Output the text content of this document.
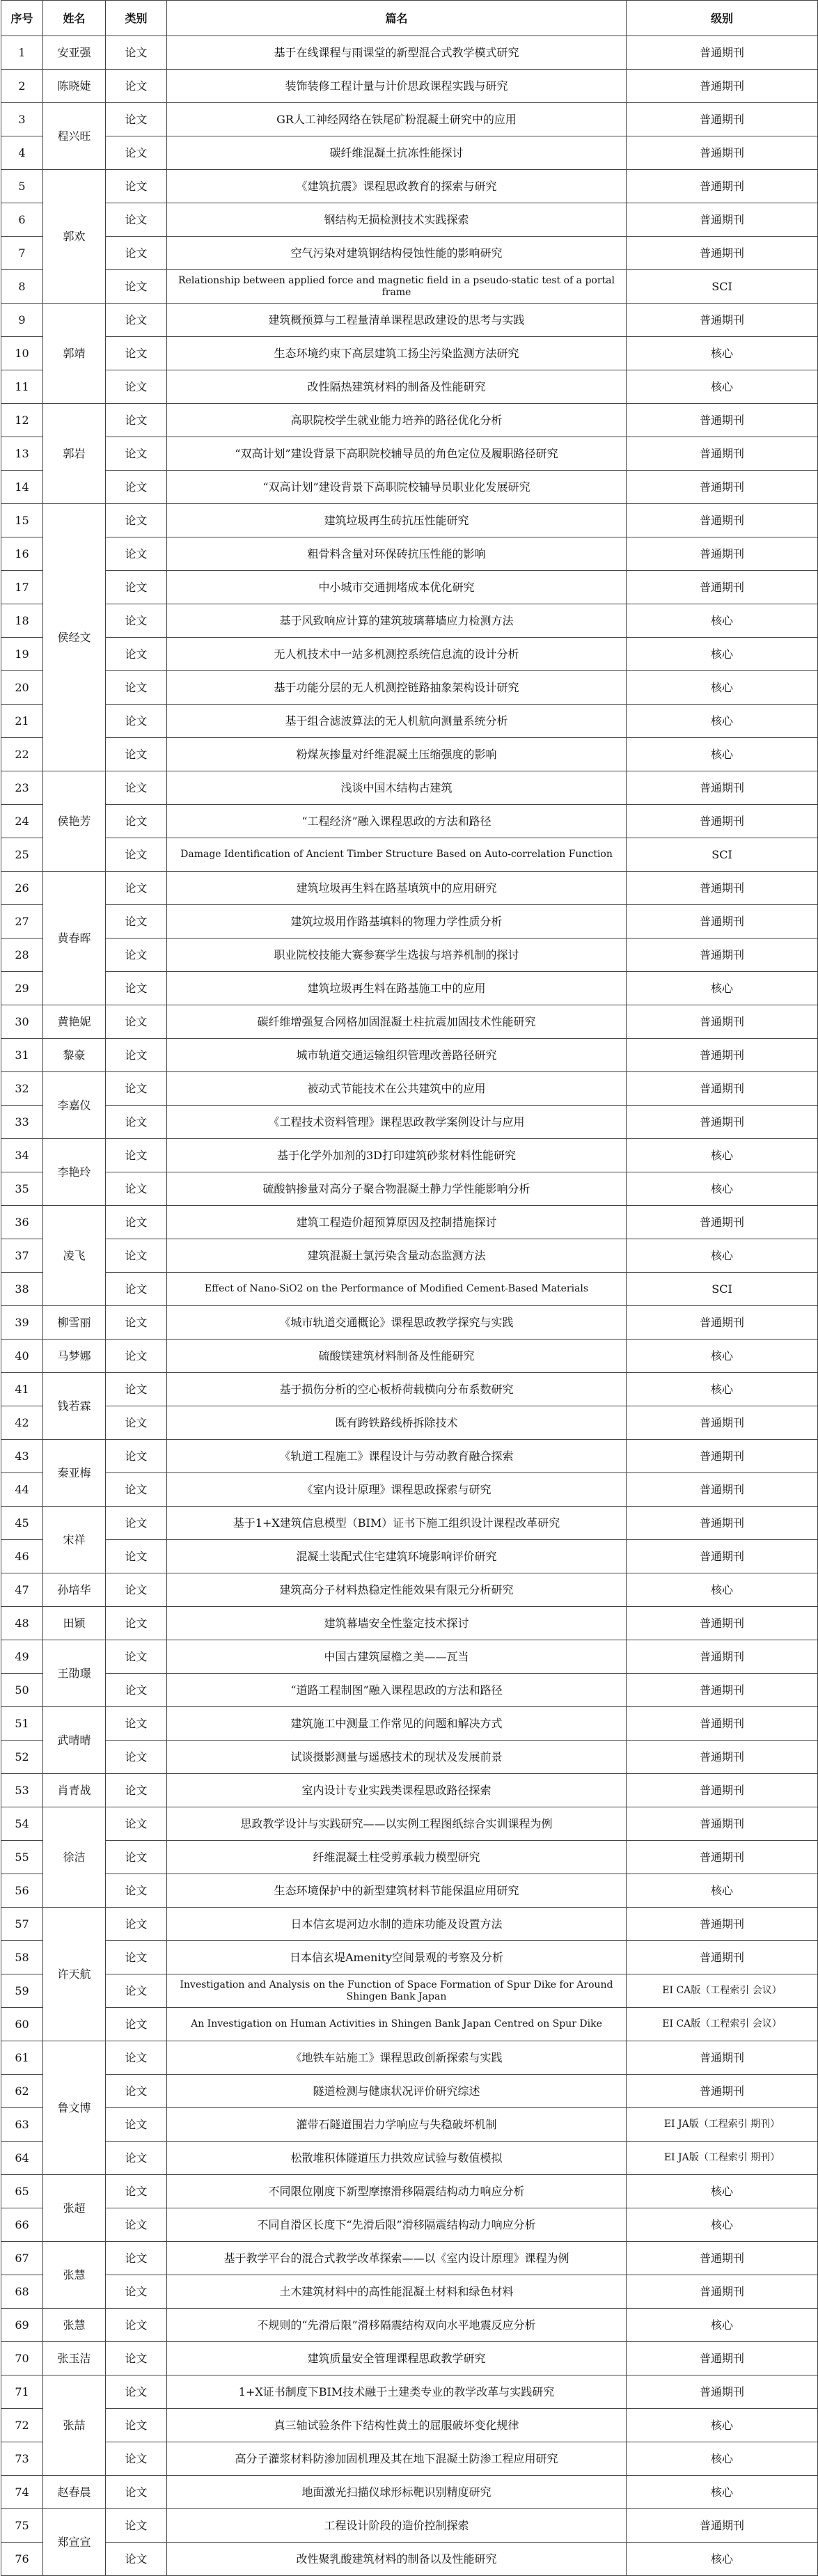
序号	姓名	类别	篇名	级别
1	安亚强	论文	基于在线课程与雨课堂的新型混合式教学模式研究	普通期刊
2	陈晓婕	论文	装饰装修工程计量与计价思政课程实践与研究	普通期刊
3	程兴旺	论文	GR人工神经网络在铁尾矿粉混凝土研究中的应用	普通期刊
4		论文	碳纤维混凝土抗冻性能探讨	普通期刊
5	郭欢	论文	《建筑抗震》课程思政教育的探索与研究	普通期刊
6		论文	钢结构无损检测技术实践探索	普通期刊
7		论文	空气污染对建筑钢结构侵蚀性能的影响研究	普通期刊
8		论文	Relationship between applied force and magnetic field in a pseudo-static test of a portal frame	SCI
9	郭靖	论文	建筑概预算与工程量清单课程思政建设的思考与实践	普通期刊
10		论文	生态环境约束下高层建筑工扬尘污染监测方法研究	核心
11		论文	改性隔热建筑材料的制备及性能研究	核心
12	郭岩	论文	高职院校学生就业能力培养的路径优化分析	普通期刊
13		论文	“双高计划”建设背景下高职院校辅导员的角色定位及履职路径研究	普通期刊
14		论文	“双高计划”建设背景下高职院校辅导员职业化发展研究	普通期刊
15	侯经文	论文	建筑垃圾再生砖抗压性能研究	普通期刊
16		论文	粗骨料含量对环保砖抗压性能的影响	普通期刊
17		论文	中小城市交通拥堵成本优化研究	普通期刊
18		论文	基于风致响应计算的建筑玻璃幕墙应力检测方法	核心
19		论文	无人机技术中一站多机测控系统信息流的设计分析	核心
20		论文	基于功能分层的无人机测控链路抽象架构设计研究	核心
21		论文	基于组合滤波算法的无人机航向测量系统分析	核心
22		论文	粉煤灰掺量对纤维混凝土压缩强度的影响	核心
23	侯艳芳	论文	浅谈中国木结构古建筑	普通期刊
24		论文	“工程经济”融入课程思政的方法和路径	普通期刊
25		论文	Damage Identification of Ancient Timber Structure Based on Auto-correlation Function	SCI
26	黄春晖	论文	建筑垃圾再生料在路基填筑中的应用研究	普通期刊
27		论文	建筑垃圾用作路基填料的物理力学性质分析	普通期刊
28		论文	职业院校技能大赛参赛学生选拔与培养机制的探讨	普通期刊
29		论文	建筑垃圾再生料在路基施工中的应用	核心
30	黄艳妮	论文	碳纤维增强复合网格加固混凝土柱抗震加固技术性能研究	普通期刊
31	黎豪	论文	城市轨道交通运输组织管理改善路径研究	普通期刊
32	李嘉仪	论文	被动式节能技术在公共建筑中的应用	普通期刊
33		论文	《工程技术资料管理》课程思政教学案例设计与应用	普通期刊
34	李艳玲	论文	基于化学外加剂的3D打印建筑砂浆材料性能研究	核心
35		论文	硫酸钠掺量对高分子聚合物混凝土静力学性能影响分析	核心
36	凌飞	论文	建筑工程造价超预算原因及控制措施探讨	普通期刊
37		论文	建筑混凝土氯污染含量动态监测方法	核心
38		论文	Effect of Nano-SiO2 on the Performance of Modified Cement-Based Materials	SCI
39	柳雪丽	论文	《城市轨道交通概论》课程思政教学探究与实践	普通期刊
40	马梦娜	论文	硫酸镁建筑材料制备及性能研究	核心
41	钱若霖	论文	基于损伤分析的空心板桥荷载横向分布系数研究	核心
42		论文	既有跨铁路线桥拆除技术	普通期刊
43	秦亚梅	论文	《轨道工程施工》课程设计与劳动教育融合探索	普通期刊
44		论文	《室内设计原理》课程思政探索与研究	普通期刊
45	宋祥	论文	基于1+X建筑信息模型（BIM）证书下施工组织设计课程改革研究	普通期刊
46		论文	混凝土装配式住宅建筑环境影响评价研究	普通期刊
47	孙培华	论文	建筑高分子材料热稳定性能效果有限元分析研究	核心
48	田颖	论文	建筑幕墙安全性鉴定技术探讨	普通期刊
49	王劭璟	论文	中国古建筑屋檐之美——瓦当	普通期刊
50		论文	“道路工程制图”融入课程思政的方法和路径	普通期刊
51	武晴晴	论文	建筑施工中测量工作常见的问题和解决方式	普通期刊
52		论文	试谈摄影测量与遥感技术的现状及发展前景	普通期刊
53	肖青战	论文	室内设计专业实践类课程思政路径探索	普通期刊
54	徐洁	论文	思政教学设计与实践研究——以实例工程图纸综合实训课程为例	普通期刊
55		论文	纤维混凝土柱受剪承载力模型研究	普通期刊
56		论文	生态环境保护中的新型建筑材料节能保温应用研究	核心
57	许天航	论文	日本信玄堤河边水制的造床功能及设置方法	普通期刊
58		论文	日本信玄堤Amenity空间景观的考察及分析	普通期刊
59		论文	Investigation and Analysis on the Function of Space Formation of Spur Dike for Around Shingen Bank Japan	EI CA版（工程索引 会议）
60		论文	An Investigation on Human Activities in Shingen Bank Japan Centred on Spur Dike	EI CA版（工程索引 会议）
61	鲁文博	论文	《地铁车站施工》课程思政创新探索与实践	普通期刊
62		论文	隧道检测与健康状况评价研究综述	普通期刊
63		论文	灌带石隧道围岩力学响应与失稳破坏机制	EI JA版（工程索引 期刊）
64		论文	松散堆积体隧道压力拱效应试验与数值模拟	EI JA版（工程索引 期刊）
65	张超	论文	不同限位刚度下新型摩擦滑移隔震结构动力响应分析	核心
66		论文	不同自滑区长度下“先滑后限”滑移隔震结构动力响应分析	核心
67	张慧	论文	基于教学平台的混合式教学改革探索——以《室内设计原理》课程为例	普通期刊
68		论文	土木建筑材料中的高性能混凝土材料和绿色材料	普通期刊
69	张慧	论文	不规则的“先滑后限”滑移隔震结构双向水平地震反应分析	核心
70	张玉洁	论文	建筑质量安全管理课程思政教学研究	普通期刊
71	张喆	论文	1+X证书制度下BIM技术融于土建类专业的教学改革与实践研究	普通期刊
72		论文	真三轴试验条件下结构性黄土的屈服破坏变化规律	核心
73		论文	高分子灌浆材料防渗加固机理及其在地下混凝土防渗工程应用研究	核心
74	赵春晨	论文	地面激光扫描仪球形标靶识别精度研究	核心
75	郑宣宣	论文	工程设计阶段的造价控制探索	普通期刊
76		论文	改性聚乳酸建筑材料的制备以及性能研究	核心
